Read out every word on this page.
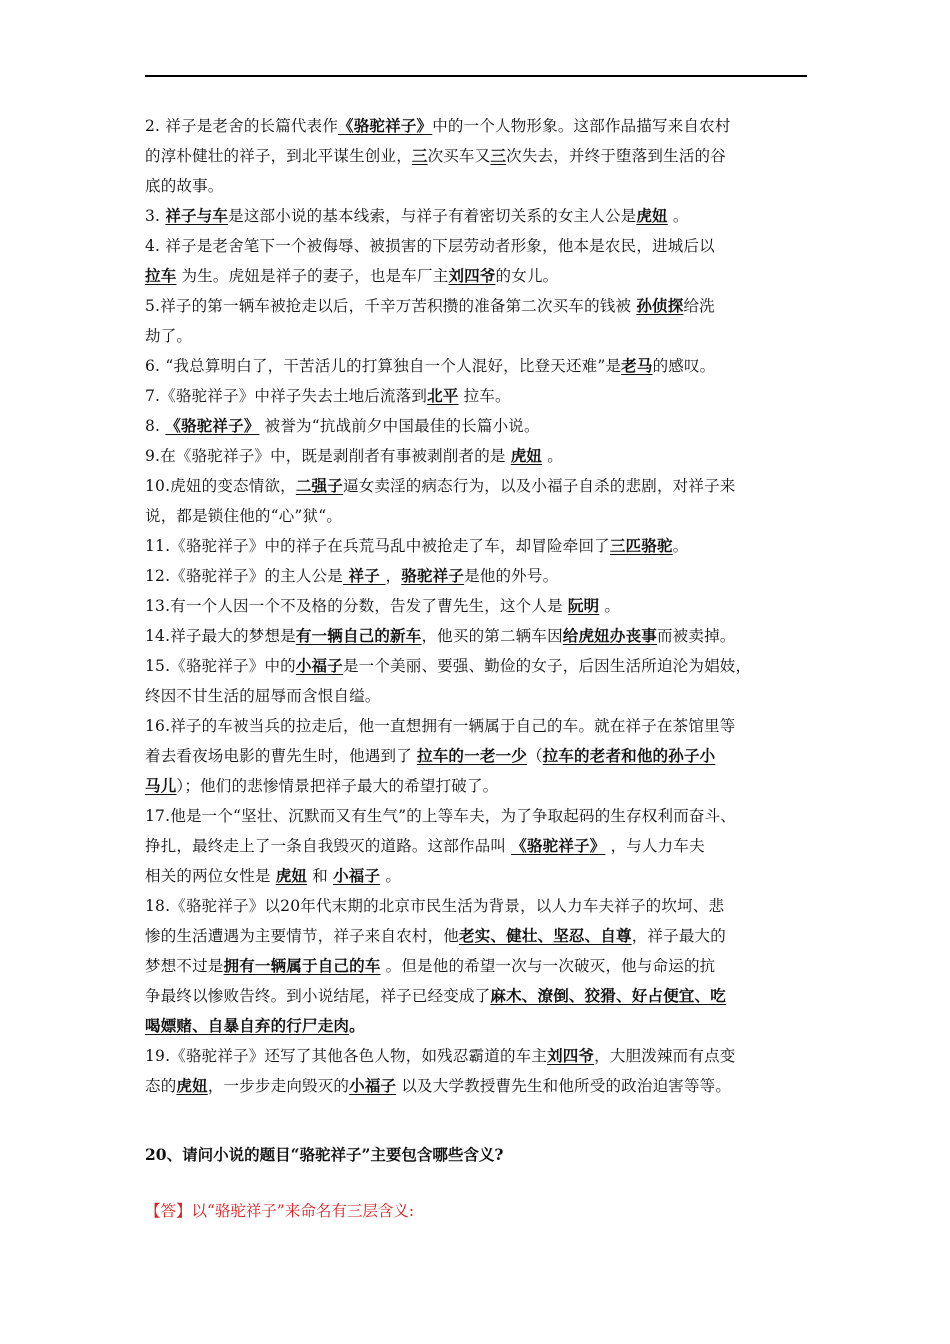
2. 祥子是老舍的长篇代表作《骆驼祥子》中的一个人物形象。这部作品描写来自农村
的淳朴健壮的祥子，到北平谋生创业，三次买车又三次失去，并终于堕落到生活的谷
底的故事。
3. 祥子与车是这部小说的基本线索，与祥子有着密切关系的女主人公是虎妞 。
4. 祥子是老舍笔下一个被侮辱、被损害的下层劳动者形象，他本是农民，进城后以
拉车 为生。虎妞是祥子的妻子，也是车厂主刘四爷的女儿。
5.祥子的第一辆车被抢走以后，千辛万苦积攒的准备第二次买车的钱被 孙侦探给洗
劫了。
6. “我总算明白了，干苦活儿的打算独自一个人混好，比登天还难”是老马的感叹。
7.《骆驼祥子》中祥子失去土地后流落到北平 拉车。
8. 《骆驼祥子》 被誉为“抗战前夕中国最佳的长篇小说。
9.在《骆驼祥子》中，既是剥削者有事被剥削者的是 虎妞 。
10.虎妞的变态情欲，二强子逼女卖淫的病态行为，以及小福子自杀的悲剧，对祥子来
说，都是锁住他的“心”狱“。
11.《骆驼祥子》中的祥子在兵荒马乱中被抢走了车，却冒险牵回了三匹骆驼。
12.《骆驼祥子》的主人公是 祥子 ，骆驼祥子是他的外号。
13.有一个人因一个不及格的分数，告发了曹先生，这个人是 阮明 。
14.祥子最大的梦想是有一辆自己的新车，他买的第二辆车因给虎妞办丧事而被卖掉。
15.《骆驼祥子》中的小福子是一个美丽、要强、勤俭的女子，后因生活所迫沦为娼妓，
终因不甘生活的屈辱而含恨自缢。
16.祥子的车被当兵的拉走后，他一直想拥有一辆属于自己的车。就在祥子在茶馆里等
着去看夜场电影的曹先生时，他遇到了 拉车的一老一少（拉车的老者和他的孙子小
马儿）；他们的悲惨情景把祥子最大的希望打破了。
17.他是一个“坚壮、沉默而又有生气”的上等车夫，为了争取起码的生存权利而奋斗、
挣扎，最终走上了一条自我毁灭的道路。这部作品叫 《骆驼祥子》 ，与人力车夫
相关的两位女性是 虎妞 和 小福子 。
18.《骆驼祥子》以20年代末期的北京市民生活为背景，以人力车夫祥子的坎坷、悲
惨的生活遭遇为主要情节，祥子来自农村，他老实、健壮、坚忍、自尊，祥子最大的
梦想不过是拥有一辆属于自己的车 。但是他的希望一次与一次破灭，他与命运的抗
争最终以惨败告终。到小说结尾，祥子已经变成了麻木、潦倒、狡猾、好占便宜、吃
喝嫖赌、自暴自弃的行尸走肉。
19.《骆驼祥子》还写了其他各色人物，如残忍霸道的车主刘四爷，大胆泼辣而有点变
态的虎妞，一步步走向毁灭的小福子 以及大学教授曹先生和他所受的政治迫害等等。
20、请问小说的题目“骆驼祥子”主要包含哪些含义?
【答】以“骆驼祥子”来命名有三层含义:
